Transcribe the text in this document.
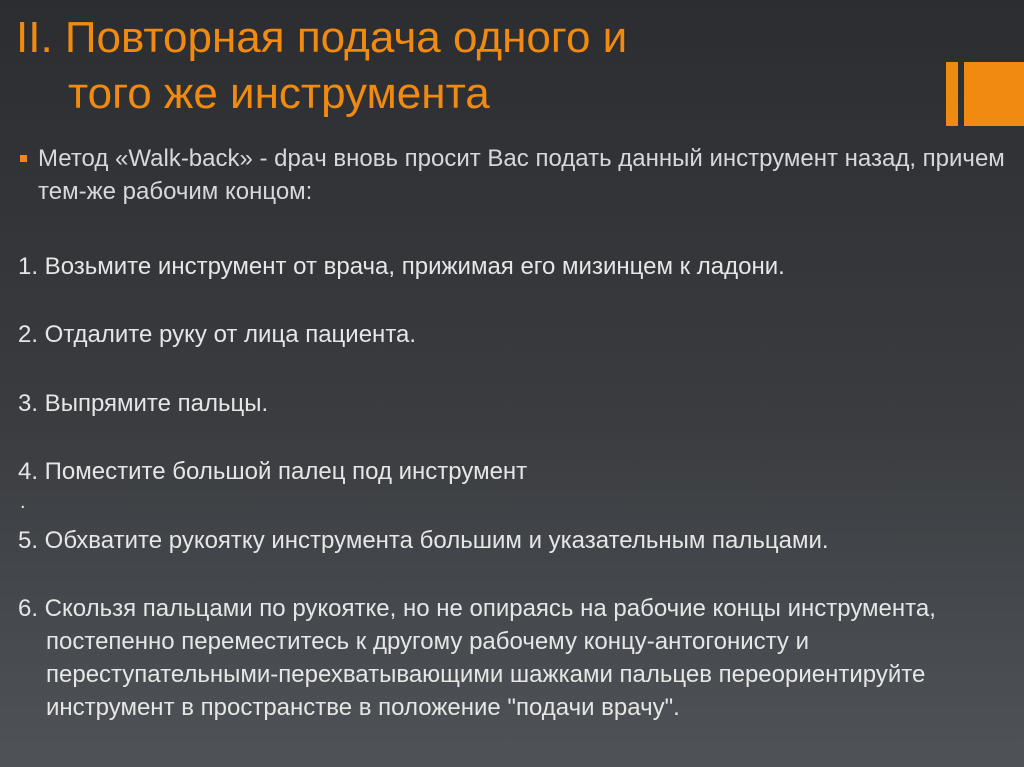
II. Повторная подача одного и
того же инструмента
Метод «Walk-back» - dpaч вновь просит Вас подать данный инструмент назад, причем тем-же рабочим концом:

1. Возьмите инструмент от врача, прижимая его мизинцем к ладони.

2. Отдалите руку от лица пациента.

3. Выпрямите пальцы.

4. Поместите большой палец под инструмент

.

5. Обхватите рукоятку инструмента большим и указательным пальцами.

6. Скользя пальцами по рукоятке, но не опираясь на рабочие концы инструмента, постепенно переместитесь к другому рабочему концу-антогонисту и переступательными-перехватывающими шажками пальцев переориентируйте инструмент в пространстве в положение "подачи врачу".
